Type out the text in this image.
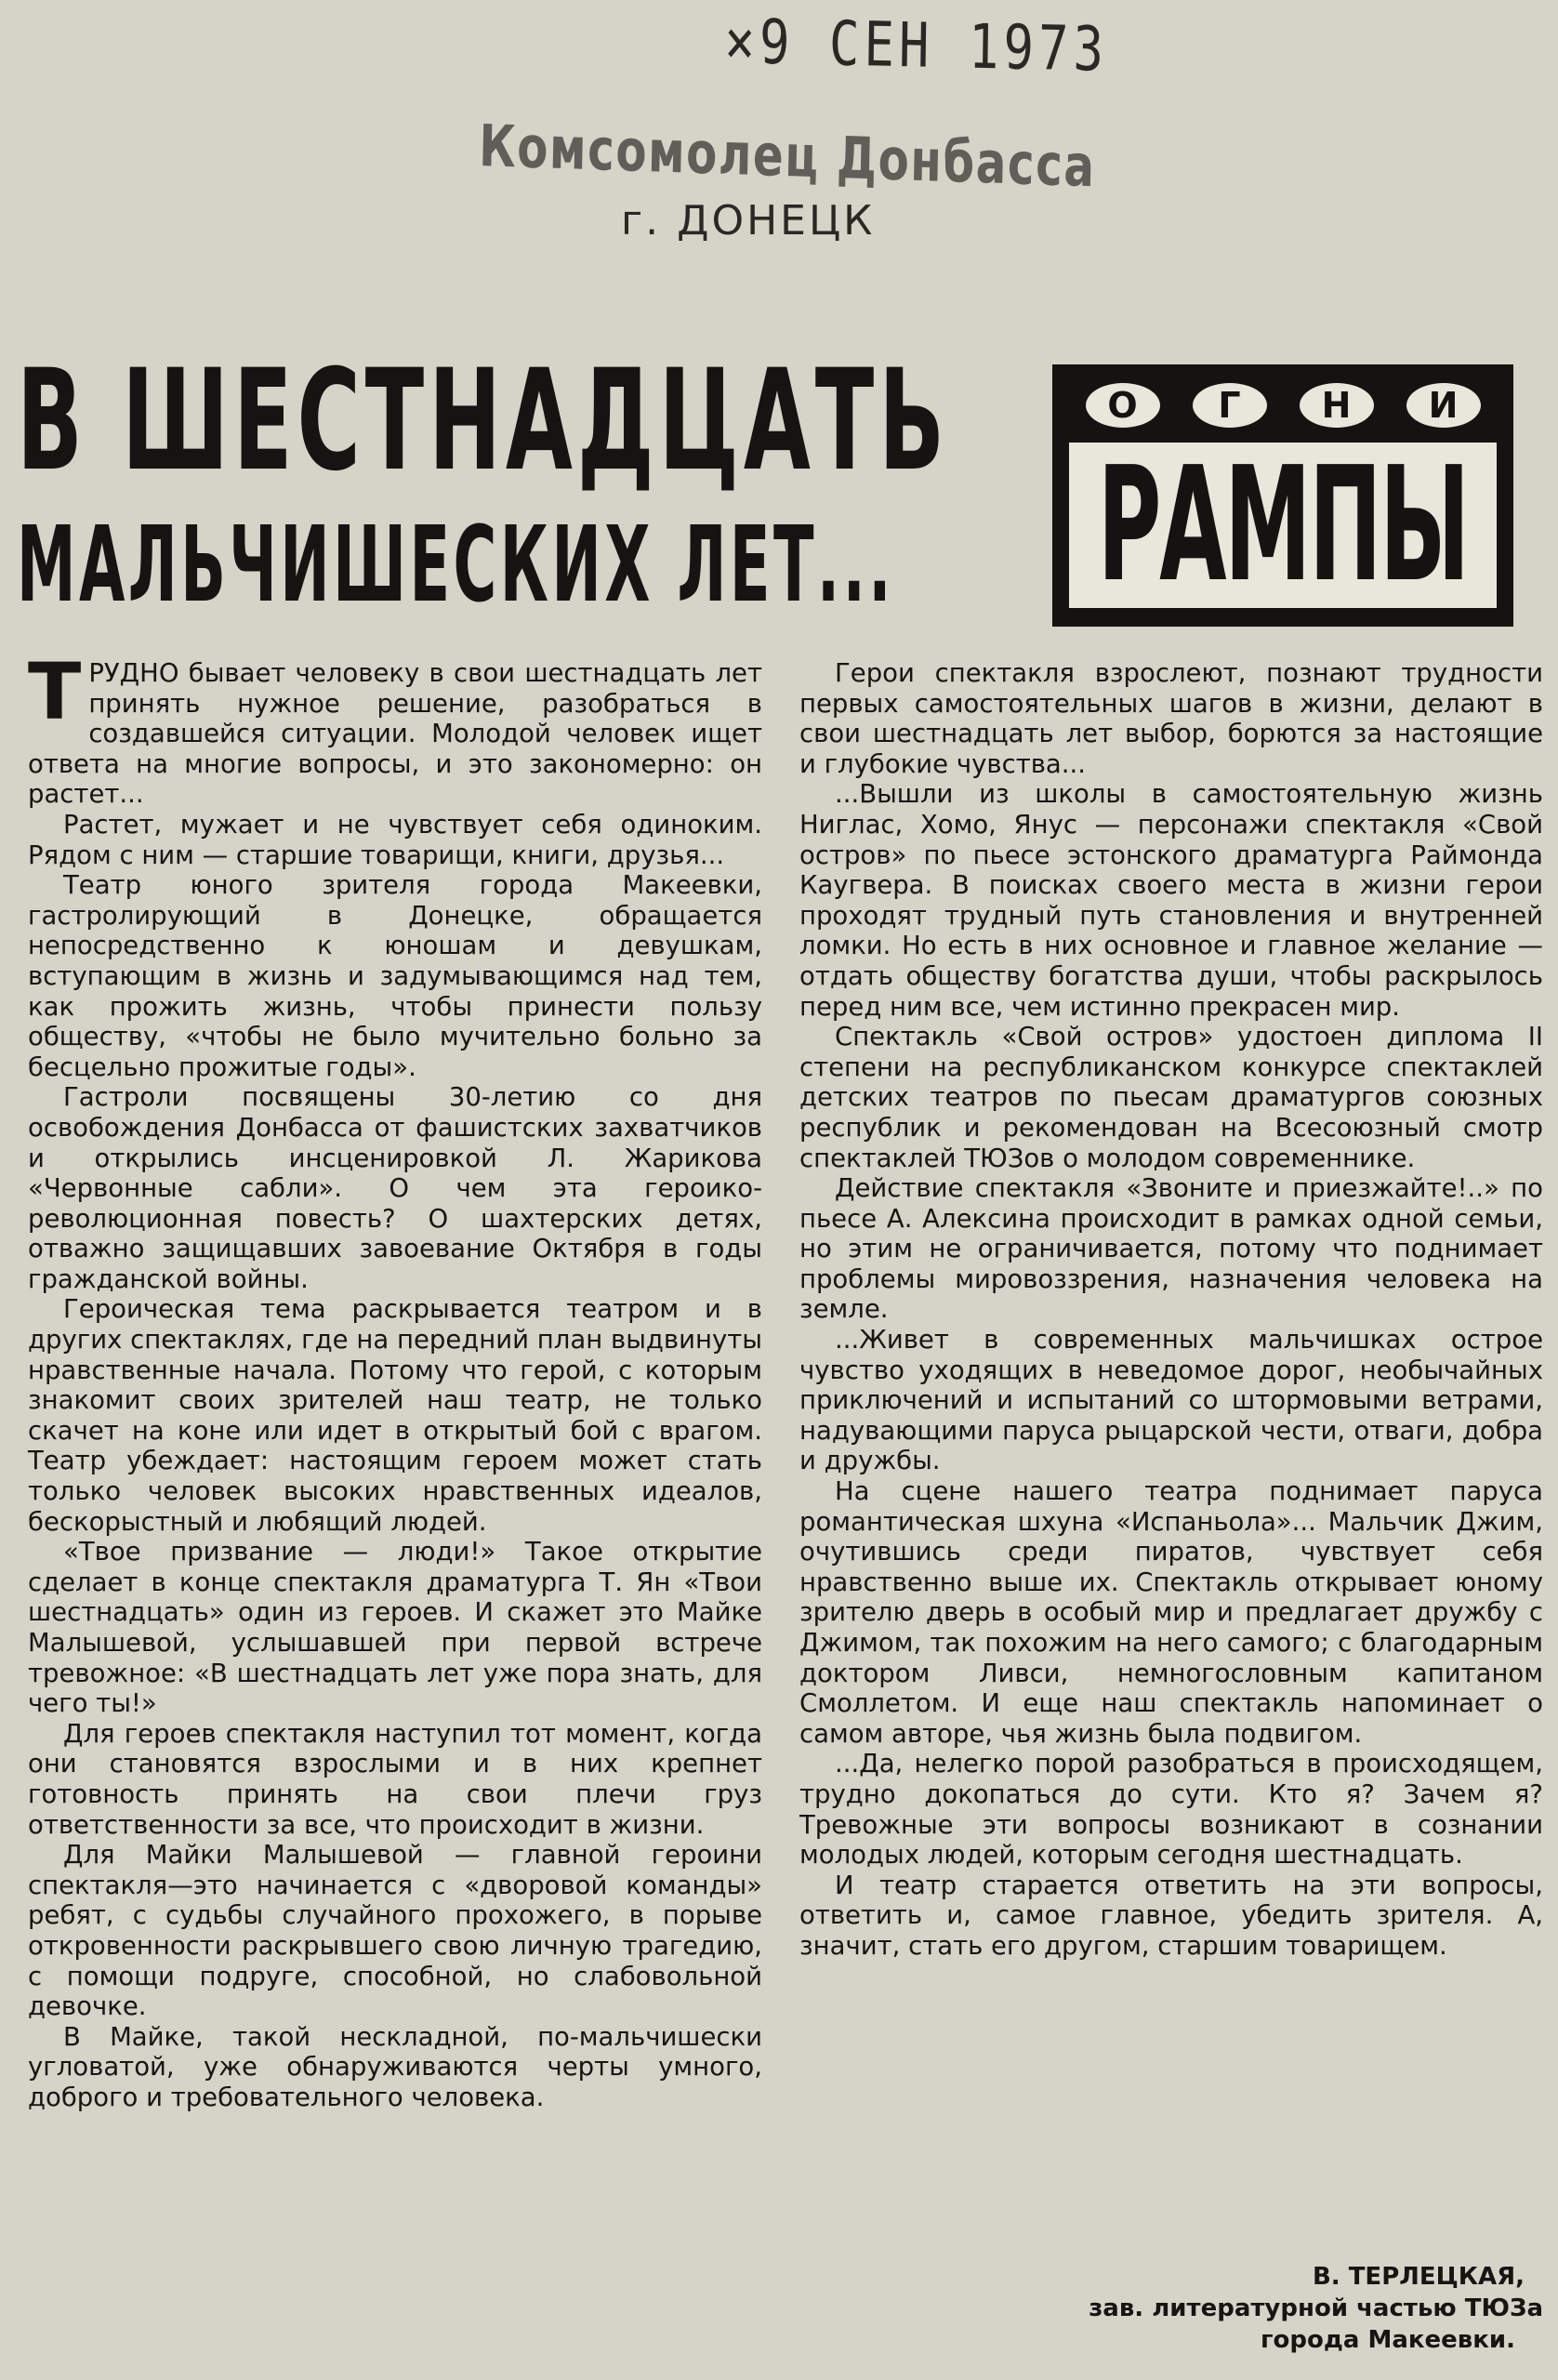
×9 СЕН 1973
Комсомолец Донбасса
г. ДОНЕЦК
В ШЕСТНАДЦАТЬ
МАЛЬЧИШЕСКИХ ЛЕТ...
О	Г	Н	И
РАМПЫ

ТРУДНО бывает человеку в свои шестнадцать лет принять нужное решение, разобраться в создавшейся ситуации. Молодой человек ищет ответа на многие вопросы, и это закономерно: он растет...

Растет, мужает и не чувствует себя одиноким. Рядом с ним — старшие товарищи, книги, друзья...

Театр юного зрителя города Макеевки, гастролирующий в Донецке, обращается непосредственно к юношам и девушкам, вступающим в жизнь и задумывающимся над тем, как прожить жизнь, чтобы принести пользу обществу, «чтобы не было мучительно больно за бесцельно прожитые годы».

Гастроли посвящены 30-летию со дня освобождения Донбасса от фашистских захватчиков и открылись инсценировкой Л. Жарикова «Червонные сабли». О чем эта героико-революционная повесть? О шахтерских детях, отважно защищавших завоевание Октября в годы гражданской войны.

Героическая тема раскрывается театром и в других спектаклях, где на передний план выдвинуты нравственные начала. Потому что герой, с которым знакомит своих зрителей наш театр, не только скачет на коне или идет в открытый бой с врагом. Театр убеждает: настоящим героем может стать только человек высоких нравственных идеалов, бескорыстный и любящий людей.

«Твое призвание — люди!» Такое открытие сделает в конце спектакля драматурга Т. Ян «Твои шестнадцать» один из героев. И скажет это Майке Малышевой, услышавшей при первой встрече тревожное: «В шестнадцать лет уже пора знать, для чего ты!»

Для героев спектакля наступил тот момент, когда они становятся взрослыми и в них крепнет готовность принять на свои плечи груз ответственности за все, что происходит в жизни.

Для Майки Малышевой — главной героини спектакля—это начинается с «дворовой команды» ребят, с судьбы случайного прохожего, в порыве откровенности раскрывшего свою личную трагедию, с помощи подруге, способной, но слабовольной девочке.

В Майке, такой нескладной, по-мальчишески угловатой, уже обнаруживаются черты умного, доброго и требовательного человека.

Герои спектакля взрослеют, познают трудности первых самостоятельных шагов в жизни, делают в свои шестнадцать лет выбор, борются за настоящие и глубокие чувства...

...Вышли из школы в самостоятельную жизнь Ниглас, Хомо, Янус — персонажи спектакля «Свой остров» по пьесе эстонского драматурга Раймонда Каугвера. В поисках своего места в жизни герои проходят трудный путь становления и внутренней ломки. Но есть в них основное и главное желание — отдать обществу богатства души, чтобы раскрылось перед ним все, чем истинно прекрасен мир.

Спектакль «Свой остров» удостоен диплома II степени на республиканском конкурсе спектаклей детских театров по пьесам драматургов союзных республик и рекомендован на Всесоюзный смотр спектаклей ТЮЗов о молодом современнике.

Действие спектакля «Звоните и приезжайте!..» по пьесе А. Алексина происходит в рамках одной семьи, но этим не ограничивается, потому что поднимает проблемы мировоззрения, назначения человека на земле.

...Живет в современных мальчишках острое чувство уходящих в неведомое дорог, необычайных приключений и испытаний со штормовыми ветрами, надувающими паруса рыцарской чести, отваги, добра и дружбы.

На сцене нашего театра поднимает паруса романтическая шхуна «Испаньола»... Мальчик Джим, очутившись среди пиратов, чувствует себя нравственно выше их. Спектакль открывает юному зрителю дверь в особый мир и предлагает дружбу с Джимом, так похожим на него самого; с благодарным доктором Ливси, немногословным капитаном Смоллетом. И еще наш спектакль напоминает о самом авторе, чья жизнь была подвигом.

...Да, нелегко порой разобраться в происходящем, трудно докопаться до сути. Кто я? Зачем я? Тревожные эти вопросы возникают в сознании молодых людей, которым сегодня шестнадцать.

И театр старается ответить на эти вопросы, ответить и, самое главное, убедить зрителя. А, значит, стать его другом, старшим товарищем.

В. ТЕРЛЕЦКАЯ,
зав. литературной частью ТЮЗа
города Макеевки.
